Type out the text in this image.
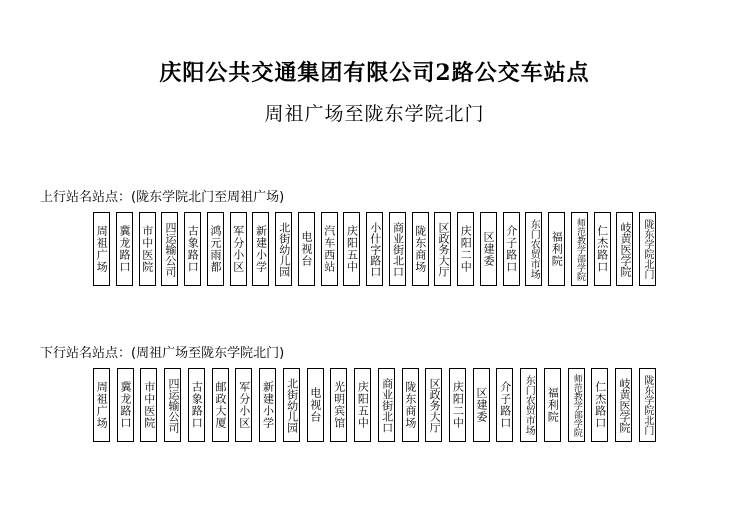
庆阳公共交通集团有限公司2路公交车站点
周祖广场至陇东学院北门
上行站名站点：(陇东学院北门至周祖广场)
周祖广场 冀龙路口 市中医院 四运输公司 古象路口 鸿元雨都 军分小区 新建小学 北街幼儿园 电视台 汽车西站 庆阳五中 小什字路口 商业街北口 陇东商场 区政务大厅 庆阳二中 区建委 介子路口	东门农贸市场 福利院	师范教学部学院 仁杰路口 岐黄医学院 陇东学院北门
下行站名站点：(周祖广场至陇东学院北门)
周祖广场 冀龙路口 市中医院 四运输公司 古象路口 邮政大厦 军分小区 新建小学 北街幼儿园 电视台 光明宾馆 庆阳五中 商业街北口 陇东商场 区政务大厅 庆阳二中 区建委 介子路口	东门农贸市场 福利院	师范教学部学院 仁杰路口 岐黄医学院	陇东学院北门
